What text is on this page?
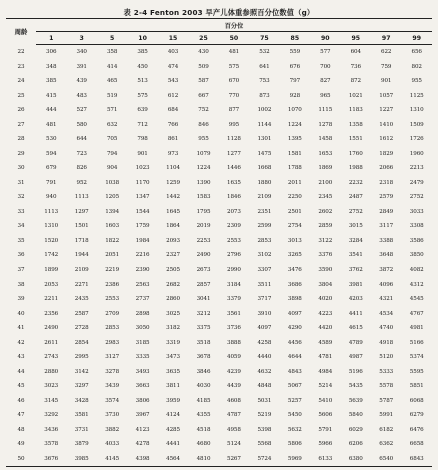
表 2-4 Fenton 2003 早产儿体重参照百分位数值（g）
周龄	百分位												
	1	3	5	10	15	25	50	75	85	90	95	97	99
22	306	340	358	385	403	430	481	532	559	577	604	622	656
23	348	391	414	450	474	509	575	641	676	700	736	759	802
24	385	439	465	513	543	587	670	753	797	827	872	901	955
25	415	483	519	575	612	667	770	873	928	965	1021	1057	1125
26	444	527	571	639	684	752	877	1002	1070	1115	1183	1227	1310
27	481	580	632	712	766	846	995	1144	1224	1278	1358	1410	1509
28	530	644	705	798	861	955	1128	1301	1395	1458	1551	1612	1726
29	594	723	794	901	973	1079	1277	1475	1581	1653	1760	1829	1960
30	679	826	904	1023	1104	1224	1446	1668	1788	1869	1988	2066	2213
31	791	952	1038	1170	1259	1390	1635	1880	2011	2100	2232	2318	2479
32	940	1113	1205	1347	1442	1583	1846	2109	2250	2345	2487	2579	2752
33	1113	1297	1394	1544	1645	1795	2073	2351	2501	2602	2752	2849	3033
34	1310	1501	1603	1759	1864	2019	2309	2599	2754	2859	3015	3117	3308
35	1520	1718	1822	1984	2093	2253	2553	2853	3013	3122	3284	3388	3586
36	1742	1944	2051	2216	2327	2490	2796	3102	3265	3376	3541	3648	3850
37	1899	2109	2219	2390	2505	2673	2990	3307	3476	3590	3762	3872	4082
38	2053	2271	2386	2563	2682	2857	3184	3511	3686	3804	3981	4096	4312
39	2211	2435	2553	2737	2860	3041	3379	3717	3898	4020	4203	4321	4545
40	2356	2587	2709	2898	3025	3212	3561	3910	4097	4223	4411	4534	4767
41	2490	2728	2853	3050	3182	3375	3736	4097	4290	4420	4615	4740	4981
42	2611	2854	2983	3185	3319	3518	3888	4258	4456	4589	4789	4918	5166
43	2743	2995	3127	3335	3473	3678	4059	4440	4644	4781	4987	5120	5374
44	2880	3142	3278	3493	3635	3846	4239	4632	4843	4984	5196	5333	5595
45	3023	3297	3439	3663	3811	4030	4439	4848	5067	5214	5435	5578	5851
46	3145	3428	3574	3806	3959	4185	4608	5031	5257	5410	5639	5787	6068
47	3292	3581	3730	3967	4124	4355	4787	5219	5450	5606	5840	5991	6279
48	3436	3731	3882	4123	4285	4518	4958	5398	5632	5791	6029	6182	6476
49	3578	3879	4033	4278	4441	4680	5124	5568	5806	5966	6206	6362	6658
50	3676	3985	4145	4398	4564	4810	5267	5724	5969	6133	6380	6540	6843
